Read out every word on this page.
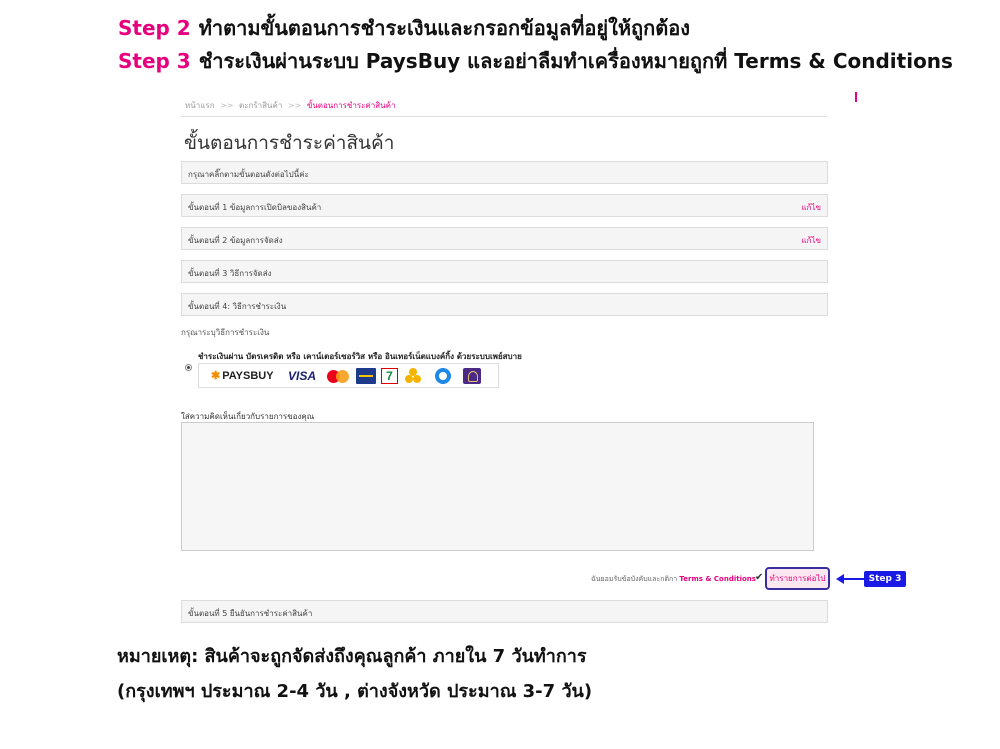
Step 2 ทำตามขั้นตอนการชำระเงินและกรอกข้อมูลที่อยู่ให้ถูกต้อง
Step 3 ชำระเงินผ่านระบบ PaysBuy และอย่าลืมทำเครื่องหมายถูกที่ Terms & Conditions
หน้าแรก >> ตะกร้าสินค้า >> ขั้นตอนการชำระค่าสินค้า
ขั้นตอนการชำระค่าสินค้า
กรุณาคลิ๊กตามขั้นตอนดังต่อไปนี้ค่ะ
ขั้นตอนที่ 1 ข้อมูลการเปิดบิลของสินค้า	แก้ไข
ขั้นตอนที่ 2 ข้อมูลการจัดส่ง	แก้ไข
ขั้นตอนที่ 3 วิธีการจัดส่ง
ขั้นตอนที่ 4: วิธีการชำระเงิน
กรุณาระบุวิธีการชำระเงิน
ชำระเงินผ่าน บัตรเครดิต หรือ เคาน์เตอร์เซอร์วิส หรือ อินเทอร์เน็ตแบงค์กิ้ง ด้วยระบบเพย์สบาย
✱ PAYSBUY VISA	7
ใส่ความคิดเห็นเกี่ยวกับรายการของคุณ
ฉันยอมรับข้อบังคับและกติกา Terms & Conditions ✔ ทำรายการต่อไป
ขั้นตอนที่ 5 ยืนยันการชำระค่าสินค้า
Step 3
หมายเหตุ: สินค้าจะถูกจัดส่งถึงคุณลูกค้า ภายใน 7 วันทำการ
(กรุงเทพฯ ประมาณ 2-4 วัน , ต่างจังหวัด ประมาณ 3-7 วัน)
